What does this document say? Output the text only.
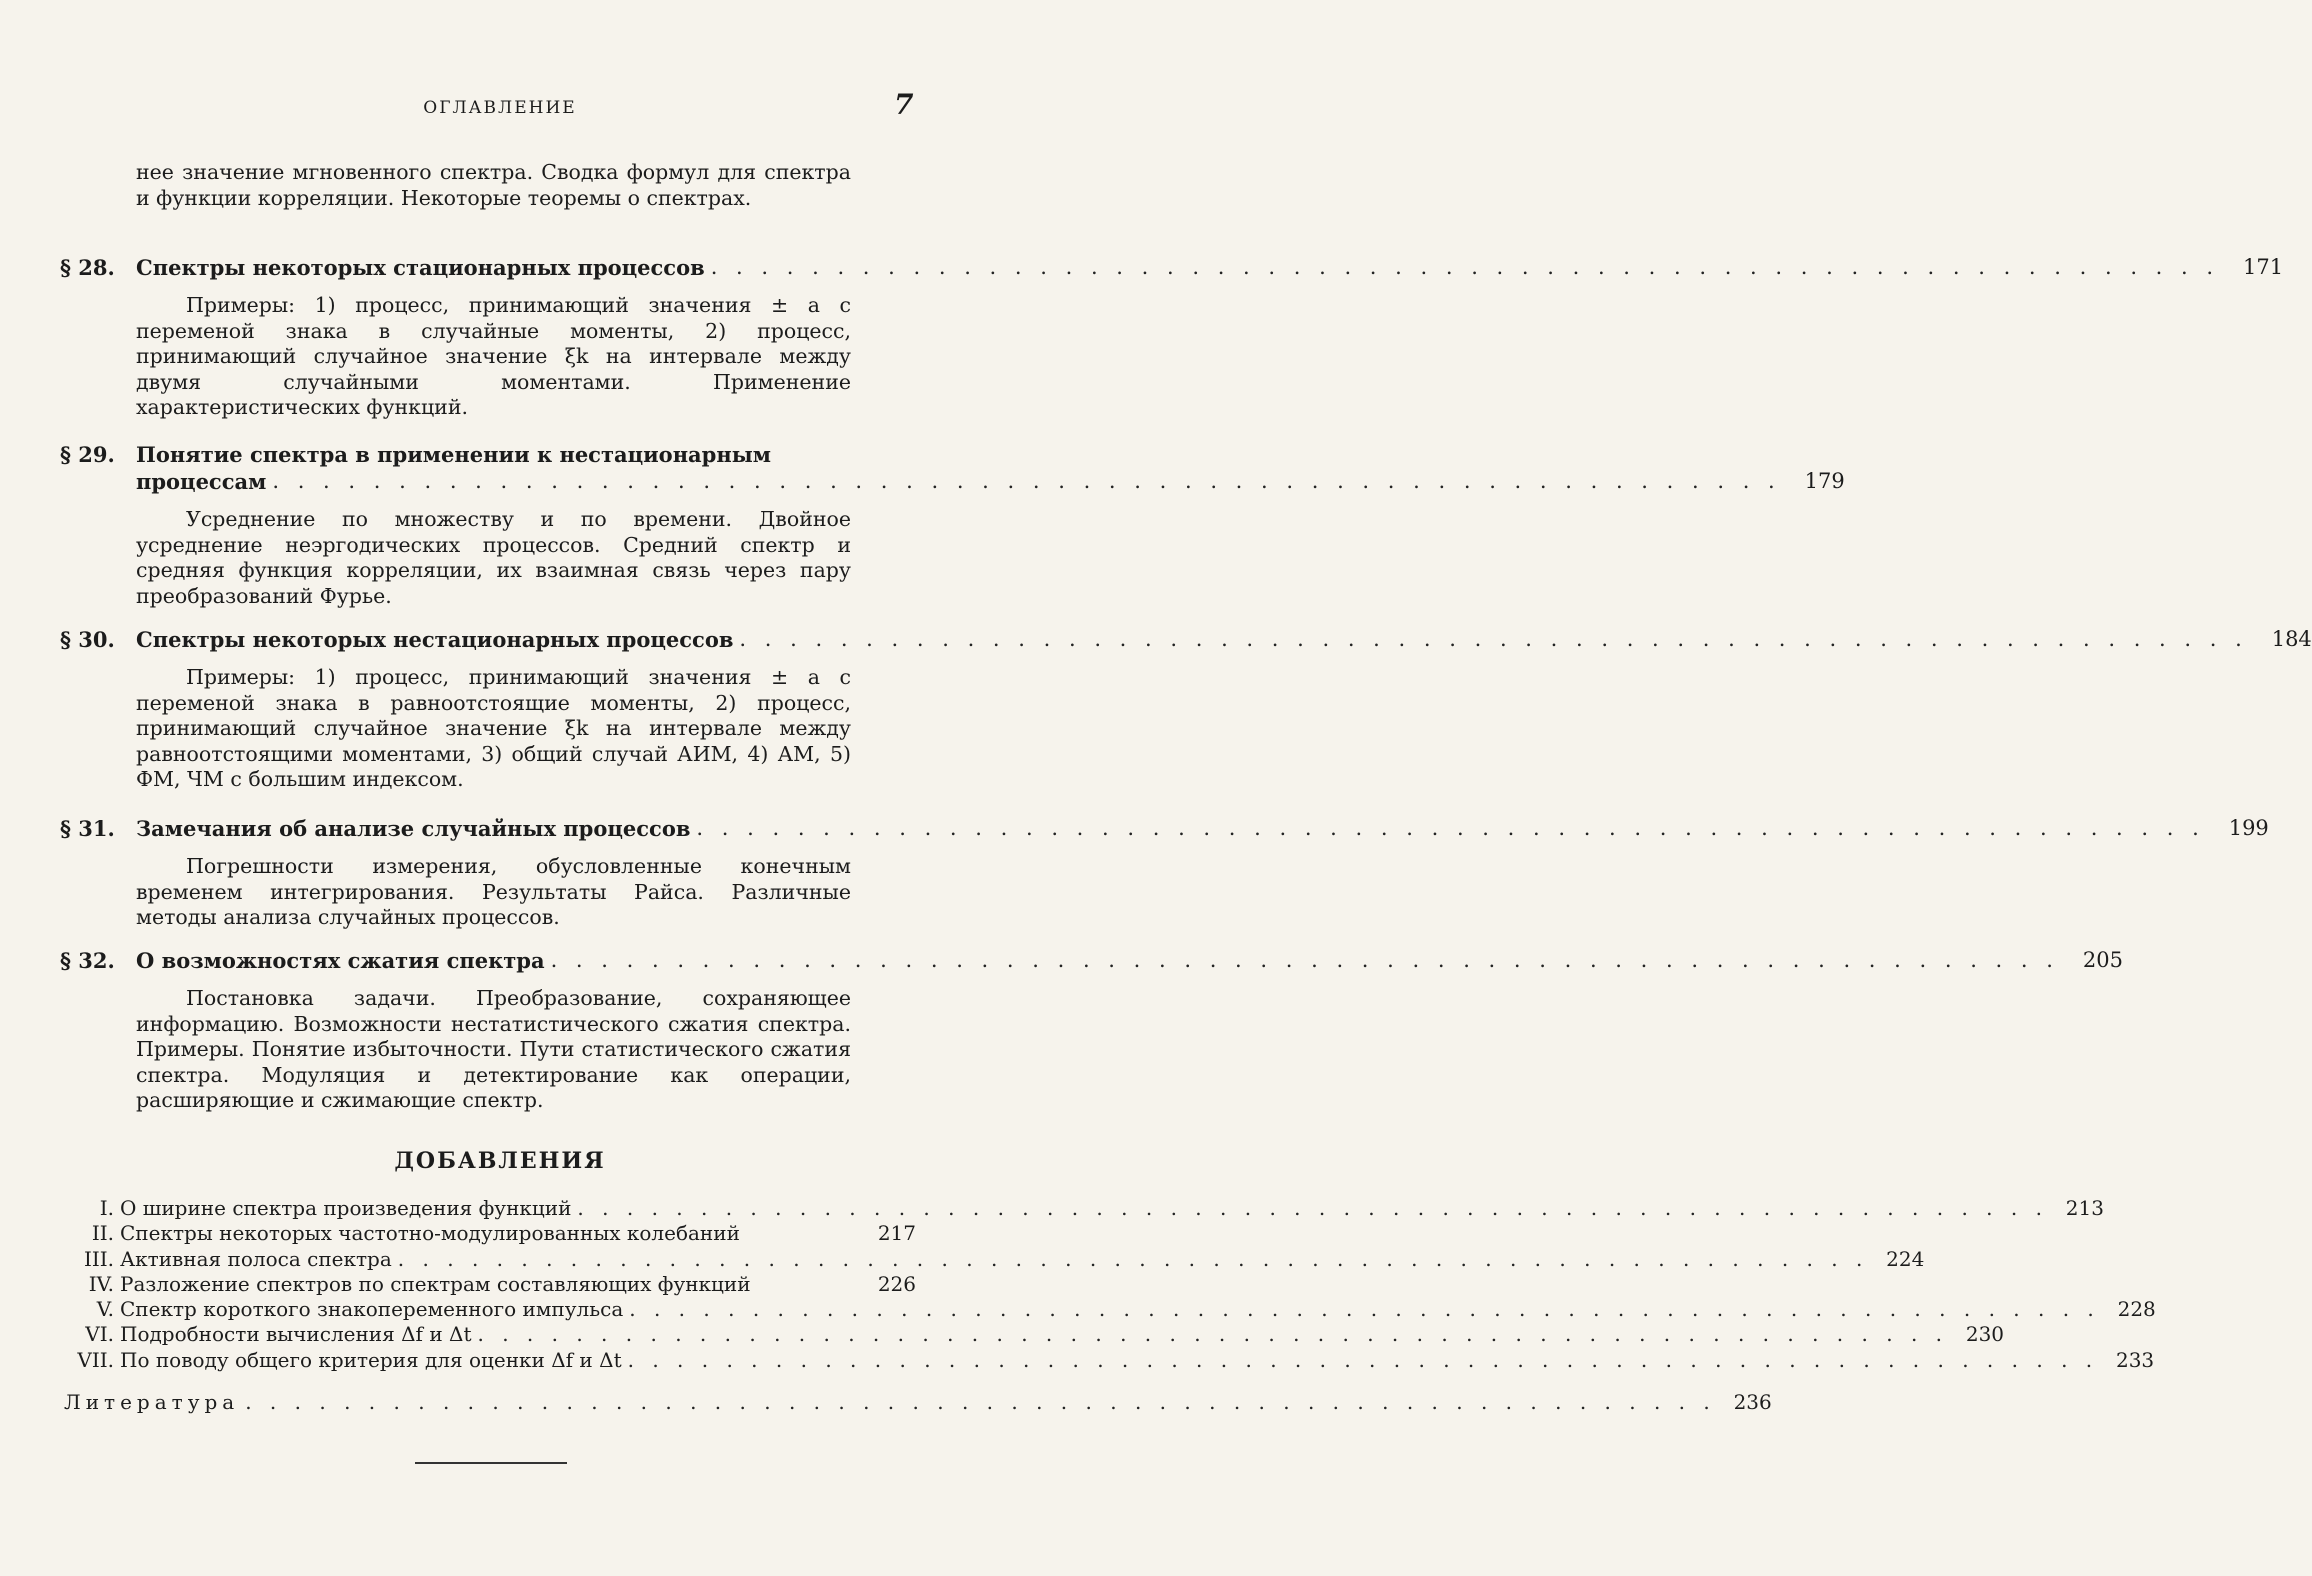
ОГЛАВЛЕНИЕ	7
нее значение мгновенного спектра. Сводка формул для спектра и функции корреляции. Некоторые теоремы о спектрах.
§ 28.	Спектры некоторых стационарных процессов . . .	171
Примеры: 1) процесс, принимающий значения ± a с переменой знака в случайные моменты, 2) процесс, принимающий случайное значение ξk на интервале между двумя случайными моментами. Применение характеристических функций.
§ 29.	Понятие спектра в применении к нестационарным
процессам . . .	179
Усреднение по множеству и по времени. Двойное усреднение неэргодических процессов. Средний спектр и средняя функция корреляции, их взаимная связь через пару преобразований Фурье.
§ 30.	Спектры некоторых нестационарных процессов . . .	184
Примеры: 1) процесс, принимающий значения ± a с переменой знака в равноотстоящие моменты, 2) процесс, принимающий случайное значение ξk на интервале между равноотстоящими моментами, 3) общий случай АИМ, 4) АМ, 5) ФМ, ЧМ с большим индексом.
§ 31.	Замечания об анализе случайных процессов . . .	199
Погрешности измерения, обусловленные конечным временем интегрирования. Результаты Райса. Различные методы анализа случайных процессов.
§ 32.	О возможностях сжатия спектра . . .	205
Постановка задачи. Преобразование, сохраняющее информацию. Возможности нестатистического сжатия спектра. Примеры. Понятие избыточности. Пути статистического сжатия спектра. Модуляция и детектирование как операции, расширяющие и сжимающие спектр.
ДОБАВЛЕНИЯ
I. О ширине спектра произведения функций . . .	213
II. Спектры некоторых частотно-модулированных колебаний	217
III. Активная полоса спектра . . .	224
IV. Разложение спектров по спектрам составляющих функций	226
V. Спектр короткого знакопеременного импульса . . .	228
VI. Подробности вычисления Δf и Δt . . .	230
VII. По поводу общего критерия для оценки Δf и Δt . . .	233
Литература . . .	236
